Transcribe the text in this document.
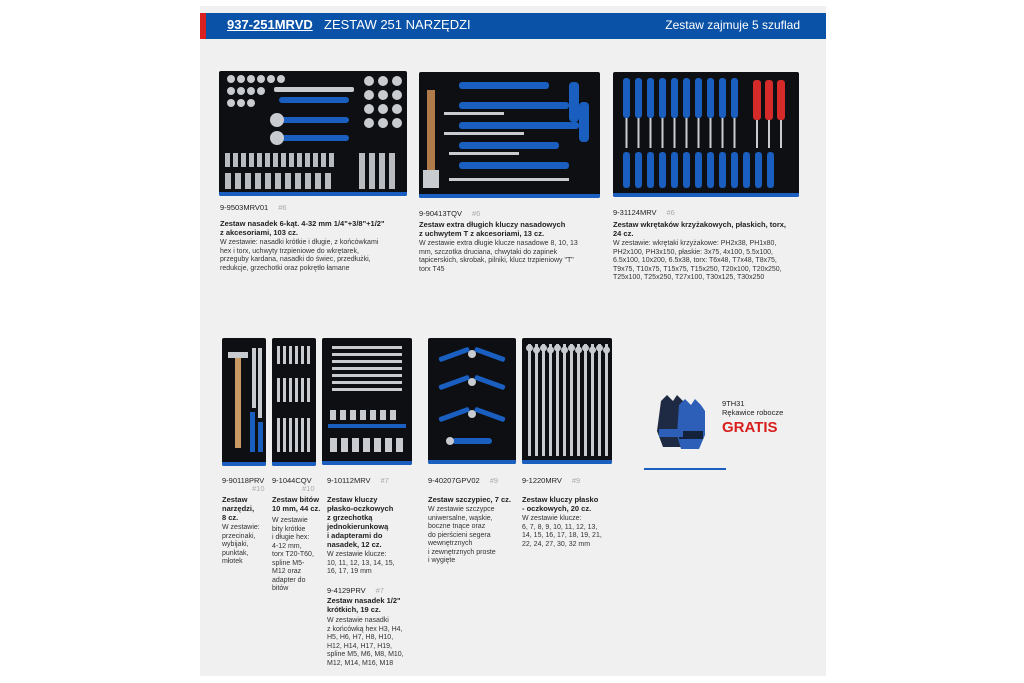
937-251MRVD ZESTAW 251 NARZĘDZI	Zestaw zajmuje 5 szuflad
9-9503MRV01 #6
Zestaw nasadek 6-kąt. 4-32 mm 1/4"+3/8"+1/2"
z akcesoriami, 103 cz.
W zestawie: nasadki krótkie i długie, z końcówkami
hex i torx, uchwyty trzpieniowe do wkrętarek,
przeguby kardana, nasadki do świec, przedłużki,
redukcje, grzechotki oraz pokrętło łamane
9-90413TQV #6
Zestaw extra długich kluczy nasadowych
z uchwytem T z akcesoriami, 13 cz.
W zestawie extra długie klucze nasadowe 8, 10, 13
mm, szczotka druciana, chwytaki do zapinek
tapicerskich, skrobak, pilniki, klucz trzpieniowy "T"
torx T45
9-31124MRV #6
Zestaw wkrętaków krzyżakowych, płaskich, torx,
24 cz.
W zestawie: wkrętaki krzyżakowe: PH2x38, PH1x80,
PH2x100, PH3x150, płaskie: 3x75, 4x100, 5.5x100,
6.5x100, 10x200, 6.5x38, torx: T6x48, T7x48, T8x75,
T9x75, T10x75, T15x75, T15x250, T20x100, T20x250,
T25x100, T25x250, T27x100, T30x125, T30x250
9TH31
Rękawice robocze
GRATIS
9-90118PRV
#10
Zestaw
narzędzi,
8 cz.
W zestawie:
przecinaki,
wybijaki,
punktak,
młotek
9-1044CQV
#10
Zestaw bitów
10 mm, 44 cz.
W zestawie
bity krótkie
i długie hex:
4-12 mm,
torx T20-T60,
spline M5-
M12 oraz
adapter do
bitów
9-10112MRV #7
Zestaw kluczy
płasko-oczkowych
z grzechotką
jednokierunkową
i adapterami do
nasadek, 12 cz.
W zestawie klucze:
10, 11, 12, 13, 14, 15,
16, 17, 19 mm
9-4129PRV #7
Zestaw nasadek 1/2"
krótkich, 19 cz.
W zestawie nasadki
z końcówką hex H3, H4,
H5, H6, H7, H8, H10,
H12, H14, H17, H19,
spline M5, M6, M8, M10,
M12, M14, M16, M18
9-40207GPV02 #9
Zestaw szczypiec, 7 cz.
W zestawie szczypce
uniwersalne, wąskie,
boczne tnące oraz
do pierścieni segera
wewnętrznych
i zewnętrznych proste
i wygięte
9-1220MRV #9
Zestaw kluczy płasko
- oczkowych, 20 cz.
W zestawie klucze:
6, 7, 8, 9, 10, 11, 12, 13,
14, 15, 16, 17, 18, 19, 21,
22, 24, 27, 30, 32 mm
